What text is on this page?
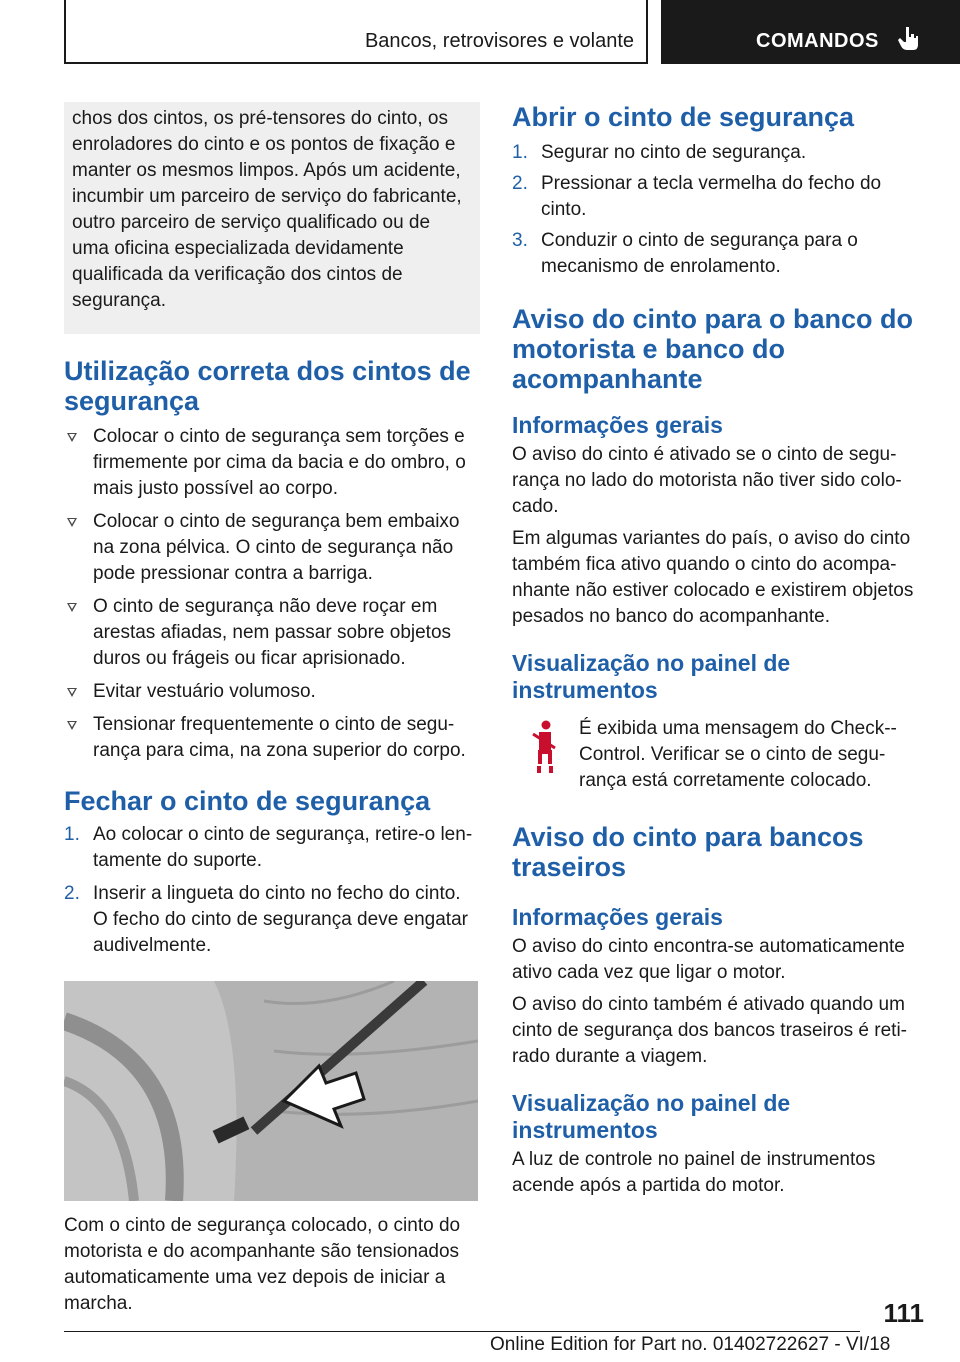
Bancos, retrovisores e volante	COMANDOS

chos dos cintos, os pré-tensores do cinto, os enroladores do cinto e os pontos de fixação e manter os mesmos limpos. Após um acidente, incumbir um parceiro de serviço do fabricante, outro parceiro de serviço qualificado ou de uma oficina especializada devidamente qualificada da verificação dos cintos de segurança.

Utilização correta dos cintos de segurança
Colocar o cinto de segurança sem torções e firmemente por cima da bacia e do ombro, o mais justo possível ao corpo.
Colocar o cinto de segurança bem embaixo na zona pélvica. O cinto de segurança não pode pressionar contra a barriga.
O cinto de segurança não deve roçar em arestas afiadas, nem passar sobre objetos duros ou frágeis ou ficar aprisionado.
Evitar vestuário volumoso.
Tensionar frequentemente o cinto de segurança para cima, na zona superior do corpo.
Fechar o cinto de segurança
1. Ao colocar o cinto de segurança, retire-o lentamente do suporte.
2. Inserir a lingueta do cinto no fecho do cinto. O fecho do cinto de segurança deve engatar audivelmente.

Com o cinto de segurança colocado, o cinto do motorista e do acompanhante são tensionados automaticamente uma vez depois de iniciar a marcha.

Abrir o cinto de segurança
1. Segurar no cinto de segurança.
2. Pressionar a tecla vermelha do fecho do cinto.
3. Conduzir o cinto de segurança para o mecanismo de enrolamento.
Aviso do cinto para o banco do motorista e banco do acompanhante
Informações gerais

O aviso do cinto é ativado se o cinto de segurança no lado do motorista não tiver sido colocado.

Em algumas variantes do país, o aviso do cinto também fica ativo quando o cinto do acompanhante não estiver colocado e existirem objetos pesados no banco do acompanhante.

Visualização no painel de instrumentos

É exibida uma mensagem do Check-Control. Verificar se o cinto de segurança está corretamente colocado.

Aviso do cinto para bancos traseiros
Informações gerais

O aviso do cinto encontra-se automaticamente ativo cada vez que ligar o motor.

O aviso do cinto também é ativado quando um cinto de segurança dos bancos traseiros é retirado durante a viagem.

Visualização no painel de instrumentos

A luz de controle no painel de instrumentos acende após a partida do motor.

111
Online Edition for Part no. 01402722627 - VI/18
